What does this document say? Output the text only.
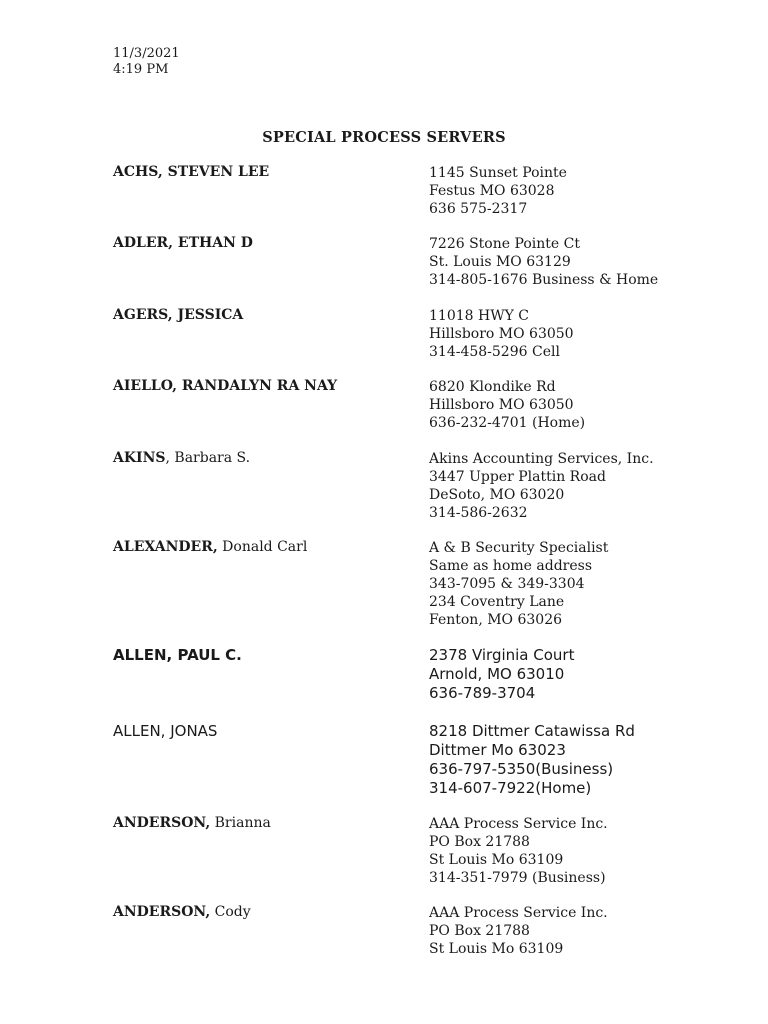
11/3/2021
4:19 PM
SPECIAL PROCESS SERVERS
ACHS, STEVEN LEE	1145 Sunset Pointe
Festus MO 63028
636 575-2317
ADLER, ETHAN D	7226 Stone Pointe Ct
St. Louis MO 63129
314-805-1676 Business & Home
AGERS, JESSICA	11018 HWY C
Hillsboro MO 63050
314-458-5296 Cell
AIELLO, RANDALYN RA NAY	6820 Klondike Rd
Hillsboro MO 63050
636-232-4701 (Home)
AKINS, Barbara S.	Akins Accounting Services, Inc.
3447 Upper Plattin Road
DeSoto, MO 63020
314-586-2632
ALEXANDER, Donald Carl	A & B Security Specialist
Same as home address
343-7095 & 349-3304
234 Coventry Lane
Fenton, MO 63026
ALLEN, PAUL C.	2378 Virginia Court
Arnold, MO 63010
636-789-3704
ALLEN, JONAS	8218 Dittmer Catawissa Rd
Dittmer Mo 63023
636-797-5350(Business)
314-607-7922(Home)
ANDERSON, Brianna	AAA Process Service Inc.
PO Box 21788
St Louis Mo 63109
314-351-7979 (Business)
ANDERSON, Cody	AAA Process Service Inc.
PO Box 21788
St Louis Mo 63109
